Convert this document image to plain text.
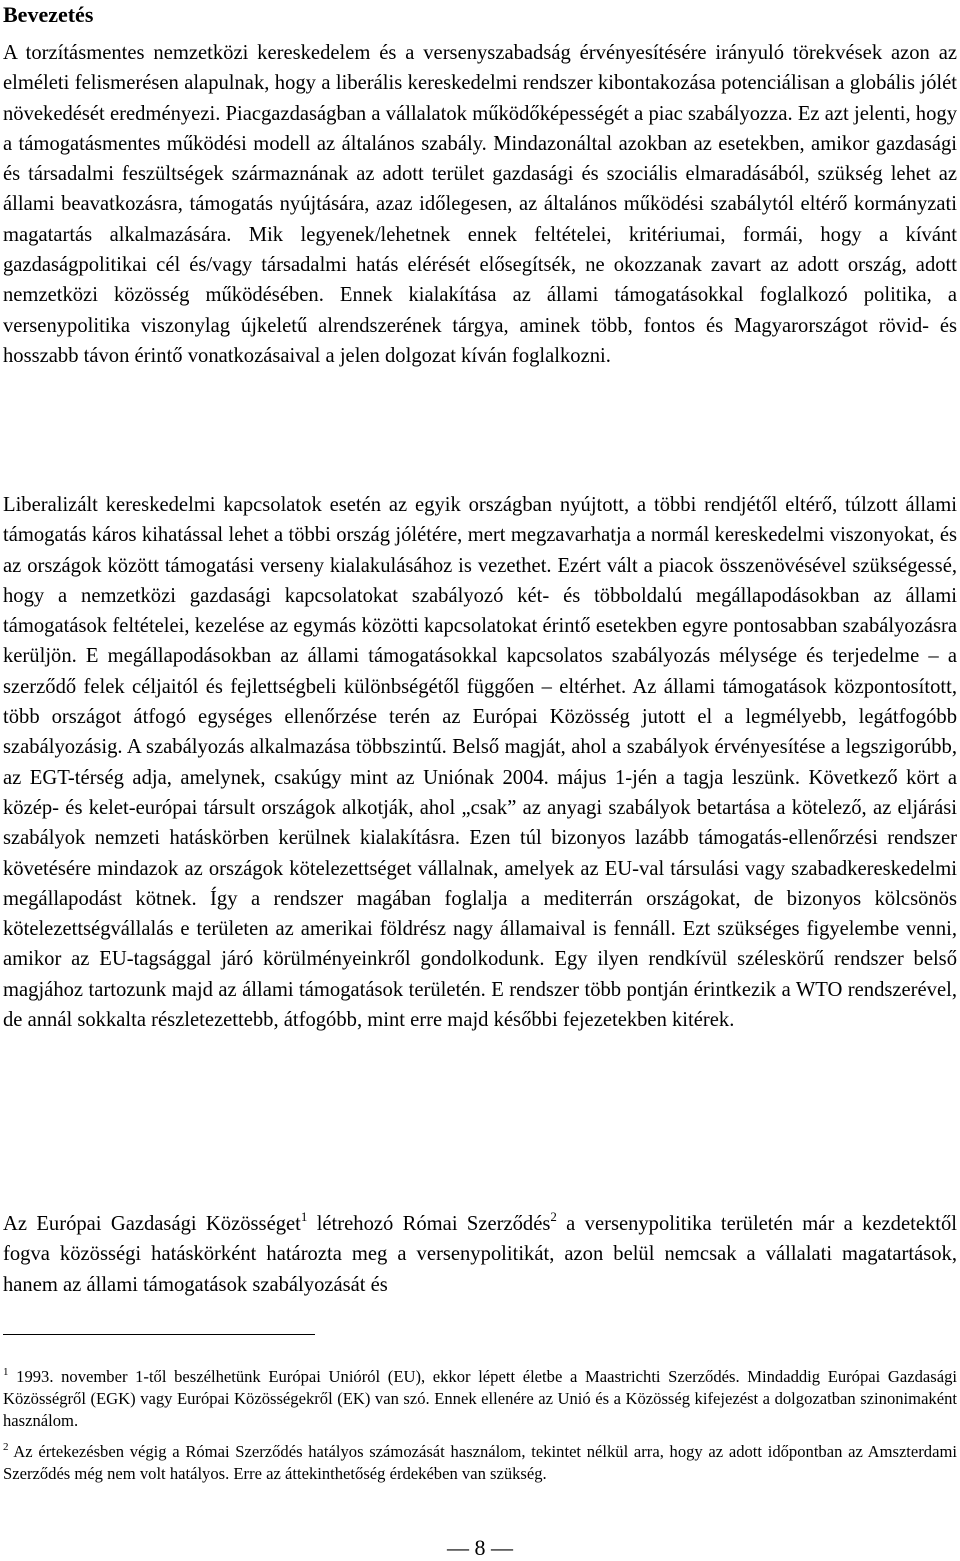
Bevezetés

A torzításmentes nemzetközi kereskedelem és a versenyszabadság érvényesítésére irányuló törekvések azon az elméleti felismerésen alapulnak, hogy a liberális kereskedelmi rendszer kibontakozása potenciálisan a globális jólét növekedését eredményezi. Piacgazdaságban a vállalatok működőképességét a piac szabályozza. Ez azt jelenti, hogy a támogatásmentes működési modell az általános szabály. Mindazonáltal azokban az esetekben, amikor gazdasági és társadalmi feszültségek származnának az adott terület gazdasági és szociális elmaradásából, szükség lehet az állami beavatkozásra, támogatás nyújtására, azaz időlegesen, az általános működési szabálytól eltérő kormányzati magatartás alkalmazására. Mik legyenek/lehetnek ennek feltételei, kritériumai, formái, hogy a kívánt gazdaságpolitikai cél és/vagy társadalmi hatás elérését elősegítsék, ne okozzanak zavart az adott ország, adott nemzetközi közösség működésében. Ennek kialakítása az állami támogatásokkal foglalkozó politika, a versenypolitika viszonylag újkeletű alrendszerének tárgya, aminek több, fontos és Magyarországot rövid- és hosszabb távon érintő vonatkozásaival a jelen dolgozat kíván foglalkozni.

Liberalizált kereskedelmi kapcsolatok esetén az egyik országban nyújtott, a többi rendjétől eltérő, túlzott állami támogatás káros kihatással lehet a többi ország jólétére, mert megzavarhatja a normál kereskedelmi viszonyokat, és az országok között támogatási verseny kialakulásához is vezethet. Ezért vált a piacok összenövésével szükségessé, hogy a nemzetközi gazdasági kapcsolatokat szabályozó két- és többoldalú megállapodásokban az állami támogatások feltételei, kezelése az egymás közötti kapcsolatokat érintő esetekben egyre pontosabban szabályozásra kerüljön. E megállapodásokban az állami támogatásokkal kapcsolatos szabályozás mélysége és terjedelme – a szerződő felek céljaitól és fejlettségbeli különbségétől függően – eltérhet. Az állami támogatások központosított, több országot átfogó egységes ellenőrzése terén az Európai Közösség jutott el a legmélyebb, legátfogóbb szabályozásig. A szabályozás alkalmazása többszintű. Belső magját, ahol a szabályok érvényesítése a legszigorúbb, az EGT-térség adja, amelynek, csakúgy mint az Uniónak 2004. május 1-jén a tagja leszünk. Következő kört a közép- és kelet-európai társult országok alkotják, ahol „csak” az anyagi szabályok betartása a kötelező, az eljárási szabályok nemzeti hatáskörben kerülnek kialakításra. Ezen túl bizonyos lazább támogatás-ellenőrzési rendszer követésére mindazok az országok kötelezettséget vállalnak, amelyek az EU-val társulási vagy szabadkereskedelmi megállapodást kötnek. Így a rendszer magában foglalja a mediterrán országokat, de bizonyos kölcsönös kötelezettségvállalás e területen az amerikai földrész nagy államaival is fennáll. Ezt szükséges figyelembe venni, amikor az EU-tagsággal járó körülményeinkről gondolkodunk. Egy ilyen rendkívül széleskörű rendszer belső magjához tartozunk majd az állami támogatások területén. E rendszer több pontján érintkezik a WTO rendszerével, de annál sokkalta részletezettebb, átfogóbb, mint erre majd későbbi fejezetekben kitérek.

Az Európai Gazdasági Közösséget$^1$ létrehozó Római Szerződés$^2$ a versenypolitika területén már a kezdetektől fogva közösségi hatáskörként határozta meg a versenypolitikát, azon belül nemcsak a vállalati magatartások, hanem az állami támogatások szabályozását és

$^1$ 1993. november 1-től beszélhetünk Európai Unióról (EU), ekkor lépett életbe a Maastrichti Szerződés. Mindaddig Európai Gazdasági Közösségről (EGK) vagy Európai Közösségekről (EK) van szó. Ennek ellenére az Unió és a Közösség kifejezést a dolgozatban szinonimaként használom.

$^2$ Az értekezésben végig a Római Szerződés hatályos számozását használom, tekintet nélkül arra, hogy az adott időpontban az Amszterdami Szerződés még nem volt hatályos. Erre az áttekinthetőség érdekében van szükség.

— 8 —
